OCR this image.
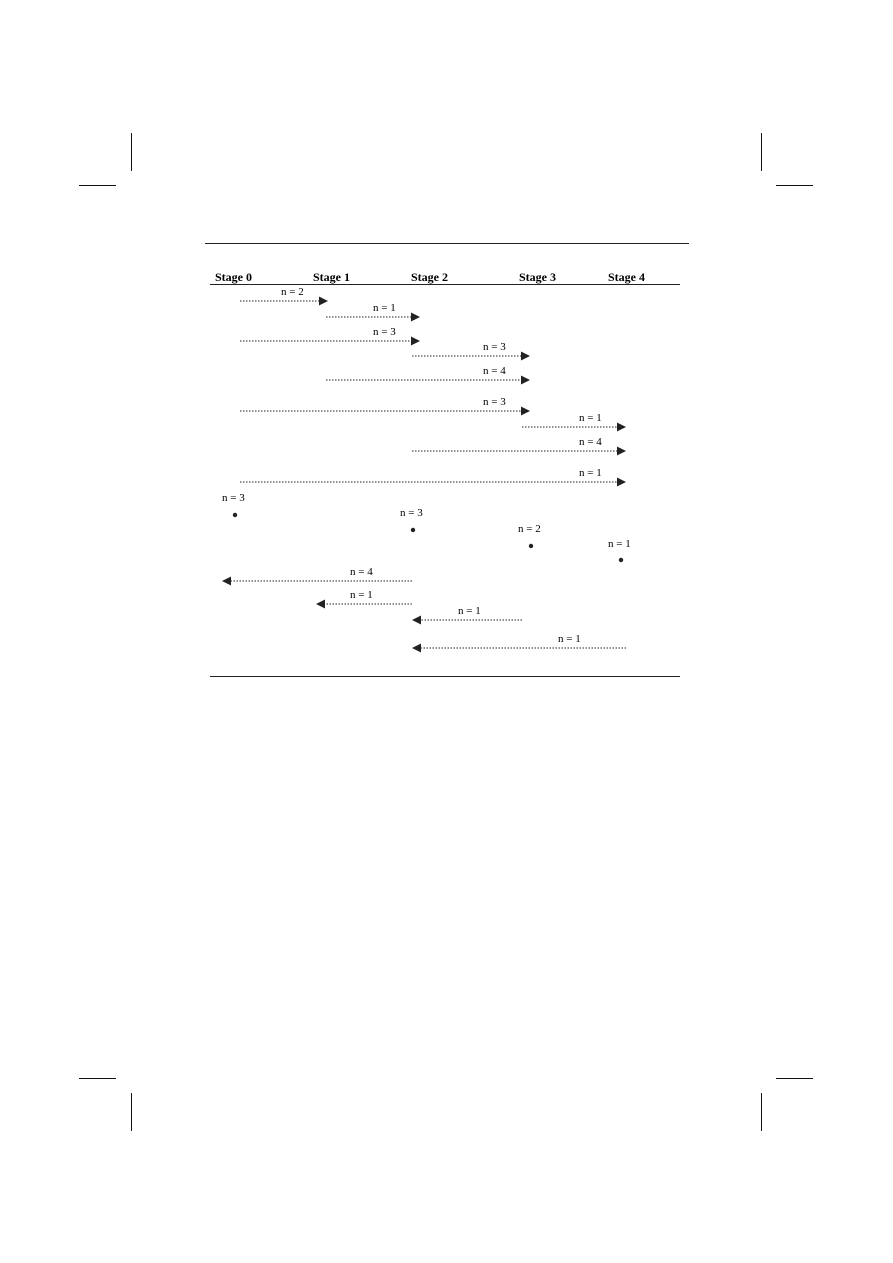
Stage 0	Stage 1	Stage 2	Stage 3	Stage 4
n = 2
n = 1
n = 3
n = 3
n = 4
n = 3
n = 1
n = 4
n = 1
n = 3
n = 3
n = 2
n = 1
n = 4
n = 1
n = 1
n = 1
